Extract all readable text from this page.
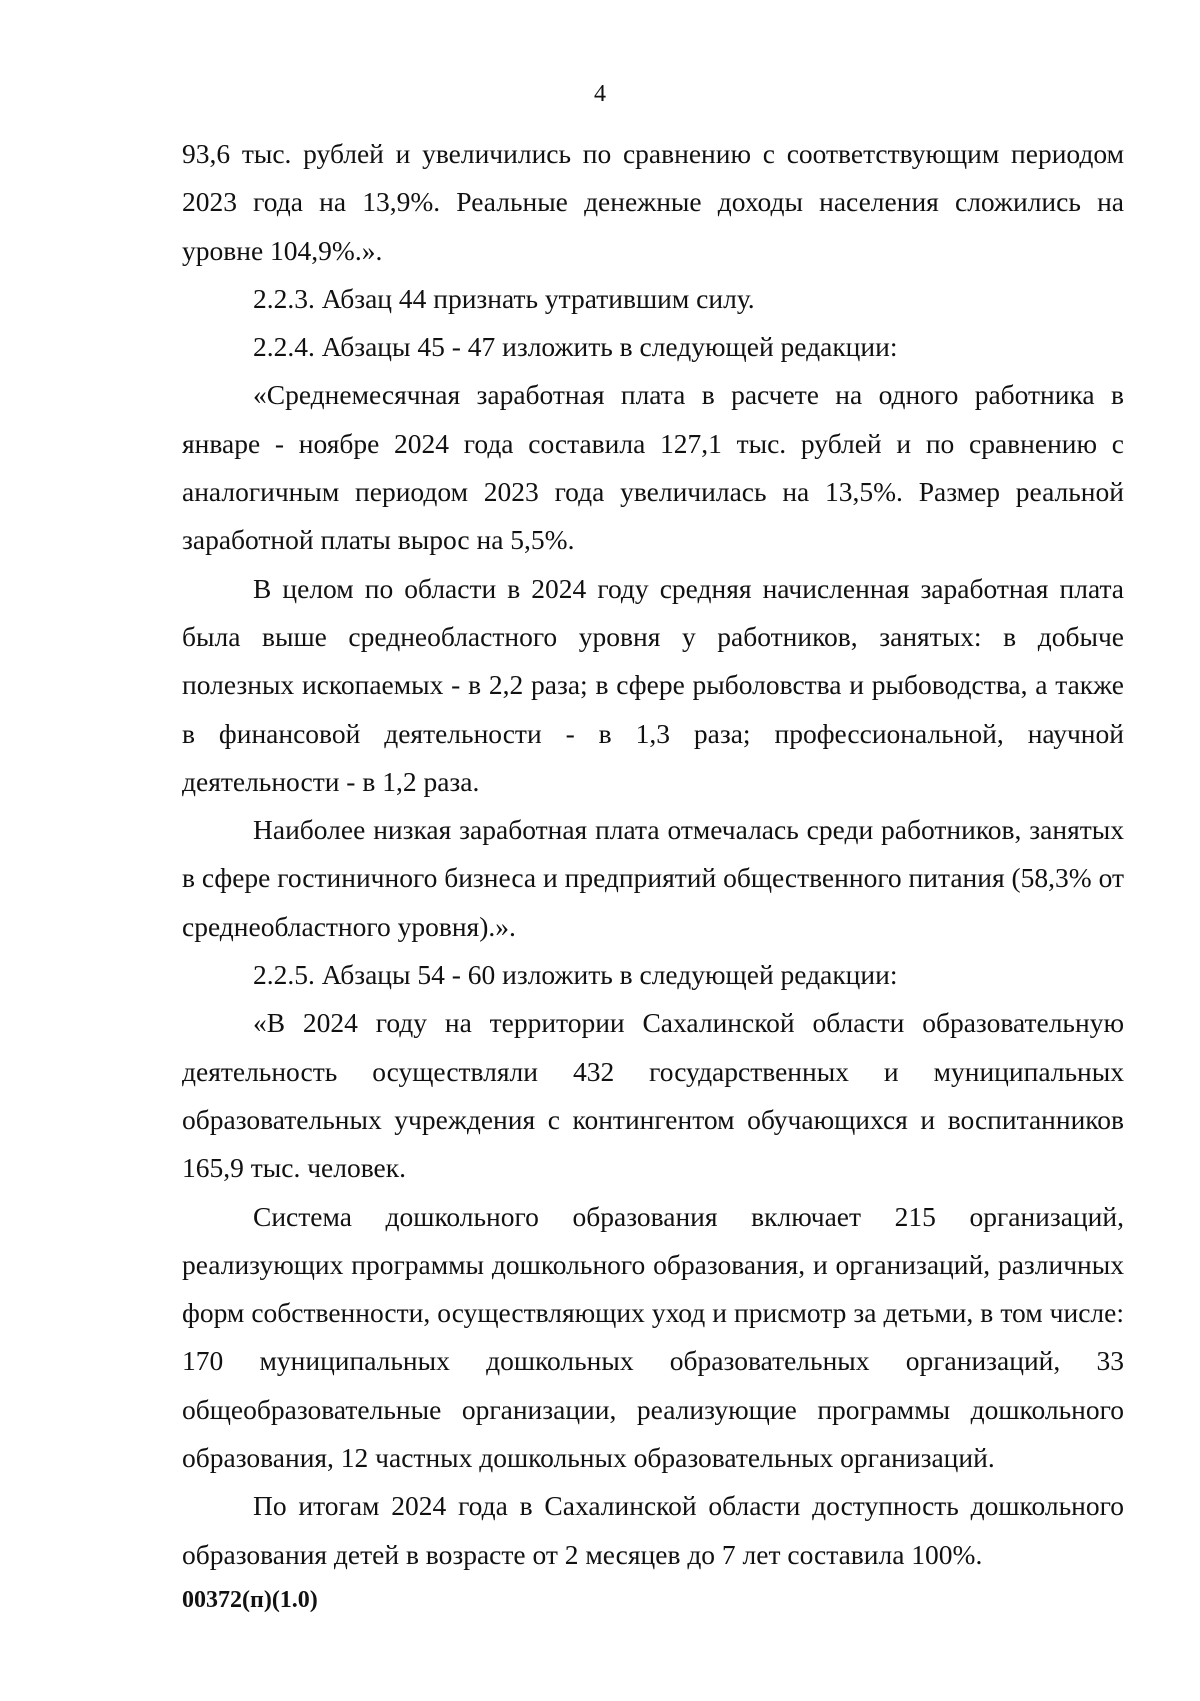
4

93,6 тыс. рублей и увеличились по сравнению с соответствующим периодом 2023 года на 13,9%. Реальные денежные доходы населения сложились на уровне 104,9%.».

2.2.3. Абзац 44 признать утратившим силу.

2.2.4. Абзацы 45 - 47 изложить в следующей редакции:

«Среднемесячная заработная плата в расчете на одного работника в январе - ноябре 2024 года составила 127,1 тыс. рублей и по сравнению с аналогичным периодом 2023 года увеличилась на 13,5%. Размер реальной заработной платы вырос на 5,5%.

В целом по области в 2024 году средняя начисленная заработная плата была выше среднеобластного уровня у работников, занятых: в добыче полезных ископаемых - в 2,2 раза; в сфере рыболовства и рыбоводства, а также в финансовой деятельности - в 1,3 раза; профессиональной, научной деятельности - в 1,2 раза.

Наиболее низкая заработная плата отмечалась среди работников, занятых в сфере гостиничного бизнеса и предприятий общественного питания (58,3% от среднеобластного уровня).».

2.2.5. Абзацы 54 - 60 изложить в следующей редакции:

«В 2024 году на территории Сахалинской области образовательную деятельность осуществляли 432 государственных и муниципальных образовательных учреждения с контингентом обучающихся и воспитанников 165,9 тыс. человек.

Система дошкольного образования включает 215 организаций, реализующих программы дошкольного образования, и организаций, различных форм собственности, осуществляющих уход и присмотр за детьми, в том числе: 170 муниципальных дошкольных образовательных организаций, 33 общеобразовательные организации, реализующие программы дошкольного образования, 12 частных дошкольных образовательных организаций.

По итогам 2024 года в Сахалинской области доступность дошкольного образования детей в возрасте от 2 месяцев до 7 лет составила 100%.

00372(п)(1.0)
